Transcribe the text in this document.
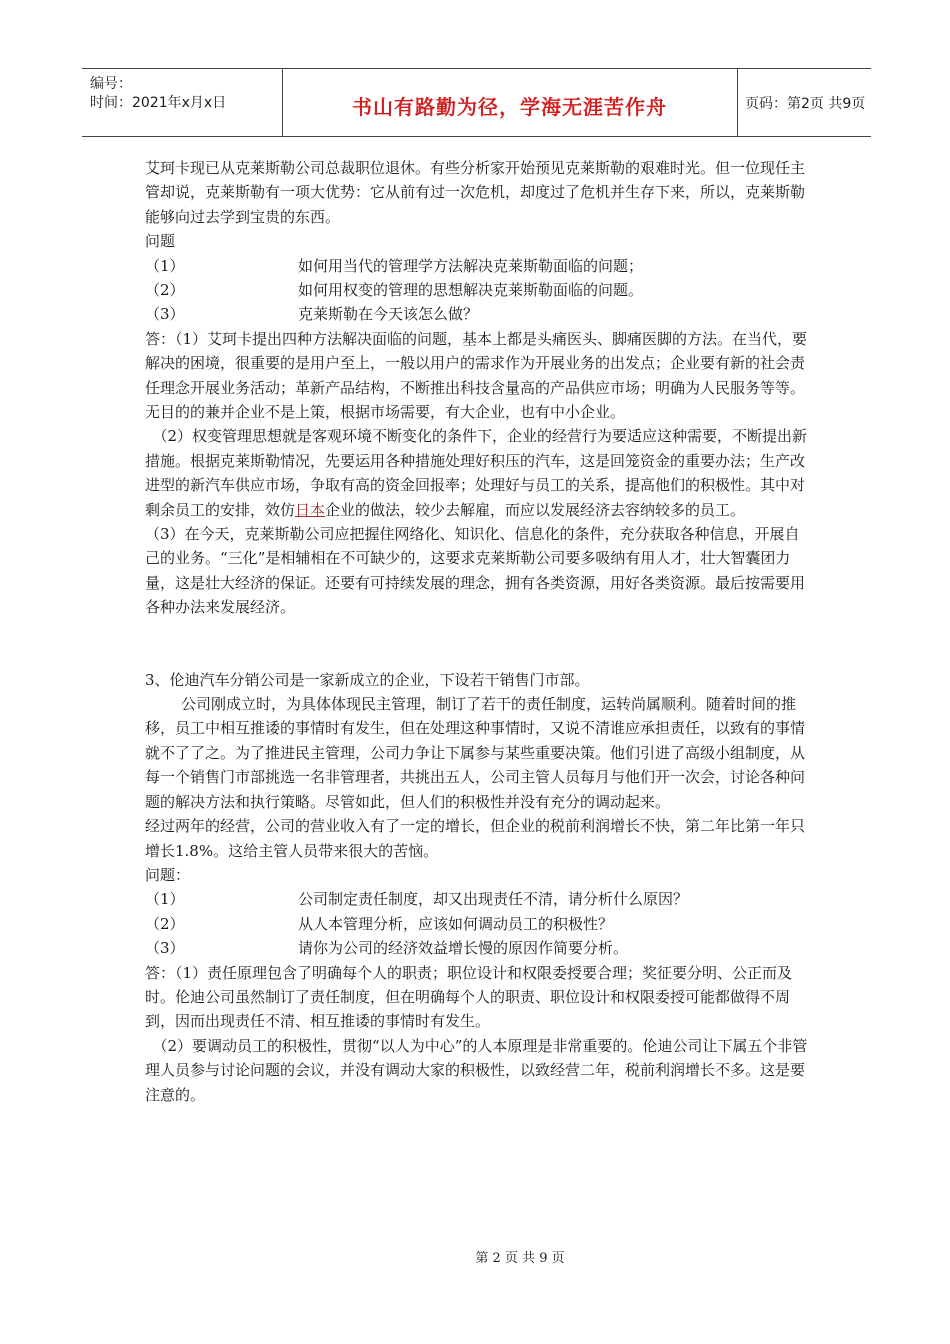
编号：
时间：2021年x月x日	书山有路勤为径，学海无涯苦作舟	页码：第2页 共9页

艾珂卡现已从克莱斯勒公司总裁职位退休。有些分析家开始预见克莱斯勒的艰难时光。但一位现任主管却说，克莱斯勒有一项大优势：它从前有过一次危机，却度过了危机并生存下来，所以，克莱斯勒能够向过去学到宝贵的东西。

问题

（1）	如何用当代的管理学方法解决克莱斯勒面临的问题；
（2）	如何用权变的管理的思想解决克莱斯勒面临的问题。
（3）	克莱斯勒在今天该怎么做？

答：（1）艾珂卡提出四种方法解决面临的问题，基本上都是头痛医头、脚痛医脚的方法。在当代，要解决的困境，很重要的是用户至上，一般以用户的需求作为开展业务的出发点；企业要有新的社会责任理念开展业务活动；革新产品结构，不断推出科技含量高的产品供应市场；明确为人民服务等等。无目的的兼并企业不是上策，根据市场需要，有大企业，也有中小企业。

（2）权变管理思想就是客观环境不断变化的条件下，企业的经营行为要适应这种需要，不断提出新措施。根据克莱斯勒情况，先要运用各种措施处理好积压的汽车，这是回笼资金的重要办法；生产改进型的新汽车供应市场，争取有高的资金回报率；处理好与员工的关系，提高他们的积极性。其中对剩余员工的安排，效仿日本企业的做法，较少去解雇，而应以发展经济去容纳较多的员工。

（3）在今天，克莱斯勒公司应把握住网络化、知识化、信息化的条件，充分获取各种信息，开展自己的业务。“三化”是相辅相在不可缺少的，这要求克莱斯勒公司要多吸纳有用人才，壮大智囊团力量，这是壮大经济的保证。还要有可持续发展的理念，拥有各类资源，用好各类资源。最后按需要用各种办法来发展经济。

3、伦迪汽车分销公司是一家新成立的企业，下设若干销售门市部。

公司刚成立时，为具体体现民主管理，制订了若干的责任制度，运转尚属顺利。随着时间的推移，员工中相互推诿的事情时有发生，但在处理这种事情时，又说不清谁应承担责任，以致有的事情就不了了之。为了推进民主管理，公司力争让下属参与某些重要决策。他们引进了高级小组制度，从每一个销售门市部挑选一名非管理者，共挑出五人，公司主管人员每月与他们开一次会，讨论各种问题的解决方法和执行策略。尽管如此，但人们的积极性并没有充分的调动起来。

经过两年的经营，公司的营业收入有了一定的增长，但企业的税前利润增长不快，第二年比第一年只增长1.8%。这给主管人员带来很大的苦恼。

问题：

（1）	公司制定责任制度，却又出现责任不清，请分析什么原因？
（2）	从人本管理分析，应该如何调动员工的积极性？
（3）	请你为公司的经济效益增长慢的原因作简要分析。

答：（1）责任原理包含了明确每个人的职责；职位设计和权限委授要合理；奖征要分明、公正而及时。伦迪公司虽然制订了责任制度，但在明确每个人的职责、职位设计和权限委授可能都做得不周到，因而出现责任不清、相互推诿的事情时有发生。

（2）要调动员工的积极性，贯彻“以人为中心”的人本原理是非常重要的。伦迪公司让下属五个非管理人员参与讨论问题的会议，并没有调动大家的积极性，以致经营二年，税前利润增长不多。这是要注意的。

第 2 页 共 9 页
